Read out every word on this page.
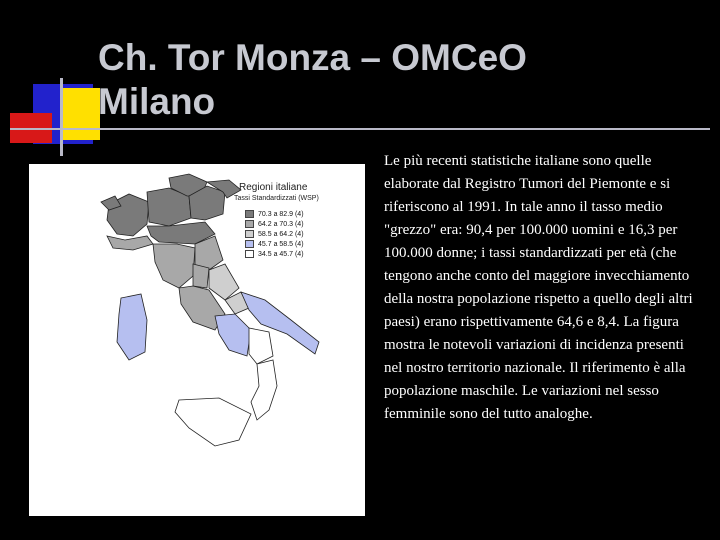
Ch. Tor Monza – OMCeO Milano
Regioni italiane
Tassi Standardizzati (WSP)
70.3 a 82.9 (4)
64.2 a 70.3 (4)
58.5 a 64.2 (4)
45.7 a 58.5 (4)
34.5 a 45.7 (4)
Le più recenti statistiche italiane sono quelle elaborate dal Registro Tumori del Piemonte e si riferiscono al 1991. In tale anno il tasso medio "grezzo" era: 90,4 per 100.000 uomini e 16,3 per 100.000 donne; i tassi standardizzati per età (che tengono anche conto del maggiore invecchiamento della nostra popolazione rispetto a quello degli altri paesi) erano rispettivamente 64,6 e 8,4. La figura mostra le notevoli variazioni di incidenza presenti nel nostro territorio nazionale. Il riferimento è alla popolazione maschile. Le variazioni nel sesso femminile sono del tutto analoghe.
